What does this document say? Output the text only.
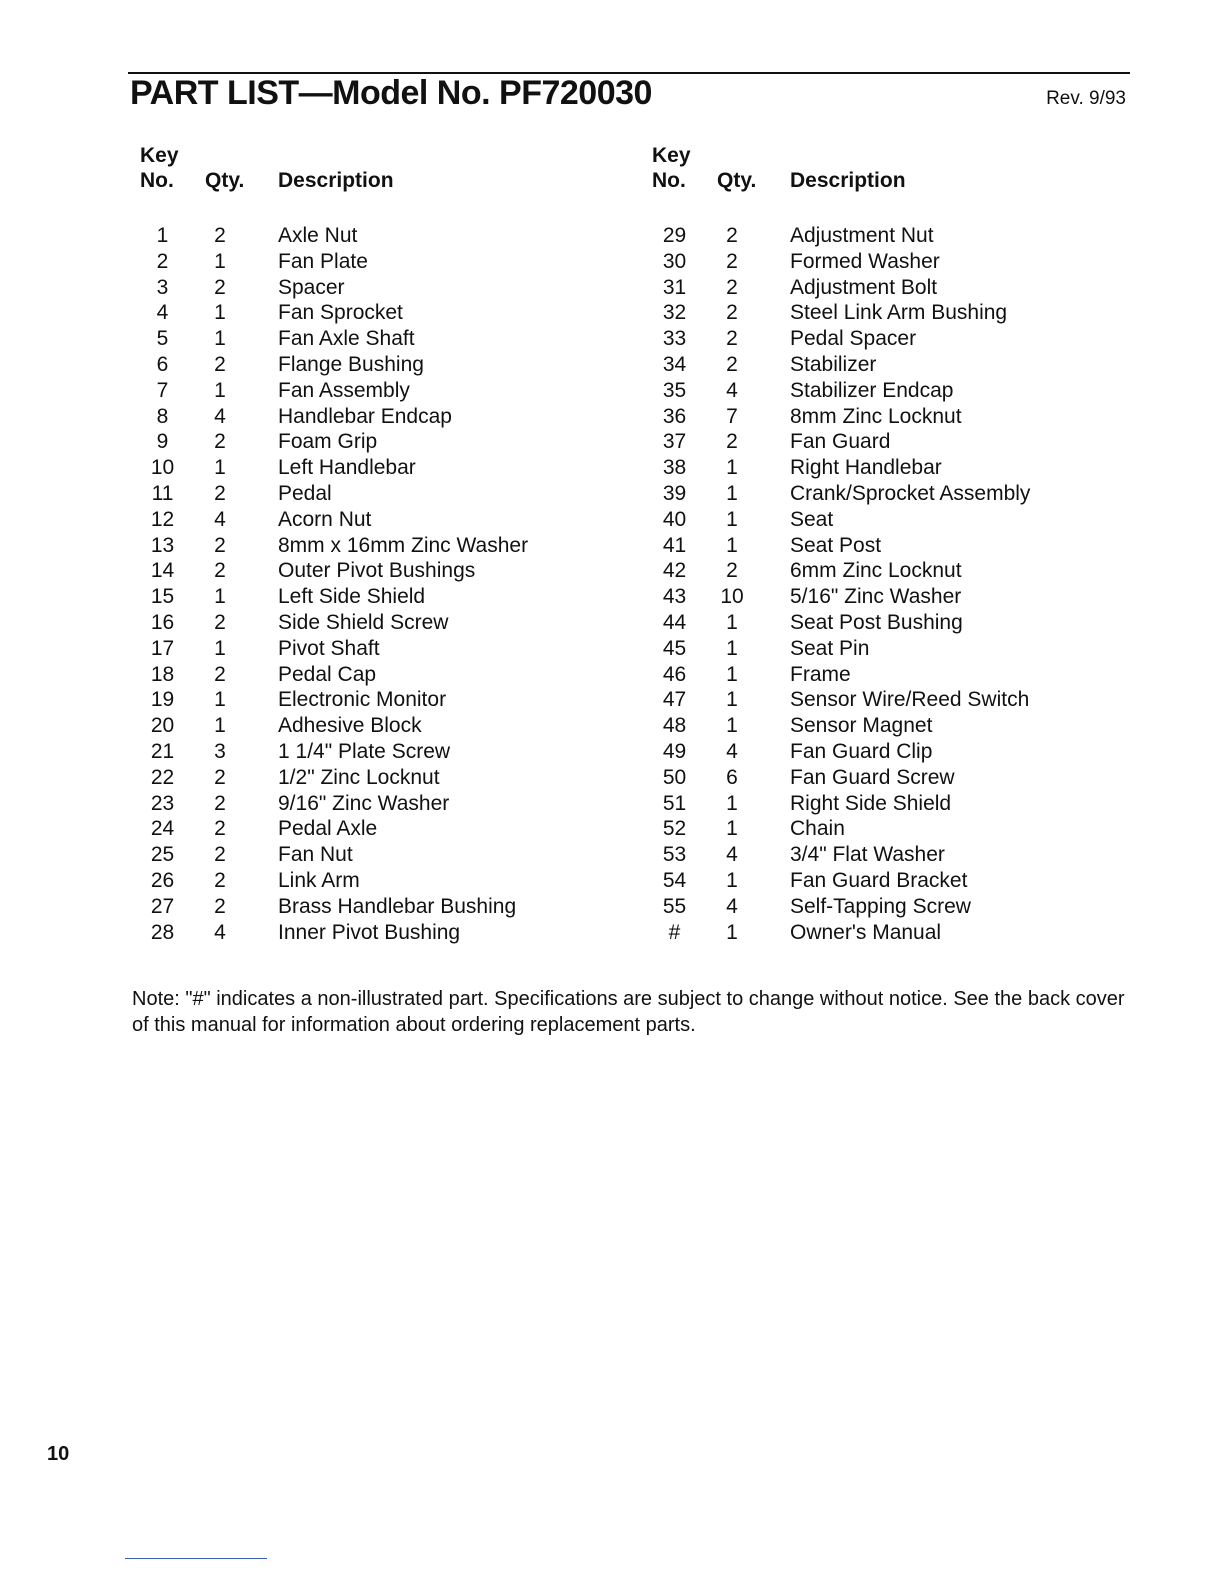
PART LIST—Model No. PF720030	Rev. 9/93
Key
No. Qty. Description
1	2	Axle Nut
2	1	Fan Plate
3	2	Spacer
4	1	Fan Sprocket
5	1	Fan Axle Shaft
6	2	Flange Bushing
7	1	Fan Assembly
8	4	Handlebar Endcap
9	2	Foam Grip
10	1	Left Handlebar
11	2	Pedal
12	4	Acorn Nut
13	2	8mm x 16mm Zinc Washer
14	2	Outer Pivot Bushings
15	1	Left Side Shield
16	2	Side Shield Screw
17	1	Pivot Shaft
18	2	Pedal Cap
19	1	Electronic Monitor
20	1	Adhesive Block
21	3	1 1/4" Plate Screw
22	2	1/2" Zinc Locknut
23	2	9/16" Zinc Washer
24	2	Pedal Axle
25	2	Fan Nut
26	2	Link Arm
27	2	Brass Handlebar Bushing
28	4	Inner Pivot Bushing
Key
No. Qty. Description
29	2	Adjustment Nut
30	2	Formed Washer
31	2	Adjustment Bolt
32	2	Steel Link Arm Bushing
33	2	Pedal Spacer
34	2	Stabilizer
35	4	Stabilizer Endcap
36	7	8mm Zinc Locknut
37	2	Fan Guard
38	1	Right Handlebar
39	1	Crank/Sprocket Assembly
40	1	Seat
41	1	Seat Post
42	2	6mm Zinc Locknut
43	10	5/16" Zinc Washer
44	1	Seat Post Bushing
45	1	Seat Pin
46	1	Frame
47	1	Sensor Wire/Reed Switch
48	1	Sensor Magnet
49	4	Fan Guard Clip
50	6	Fan Guard Screw
51	1	Right Side Shield
52	1	Chain
53	4	3/4" Flat Washer
54	1	Fan Guard Bracket
55	4	Self-Tapping Screw
#	1	Owner's Manual
Note: "#" indicates a non-illustrated part. Specifications are subject to change without notice. See the back cover of this manual for information about ordering replacement parts.
10
